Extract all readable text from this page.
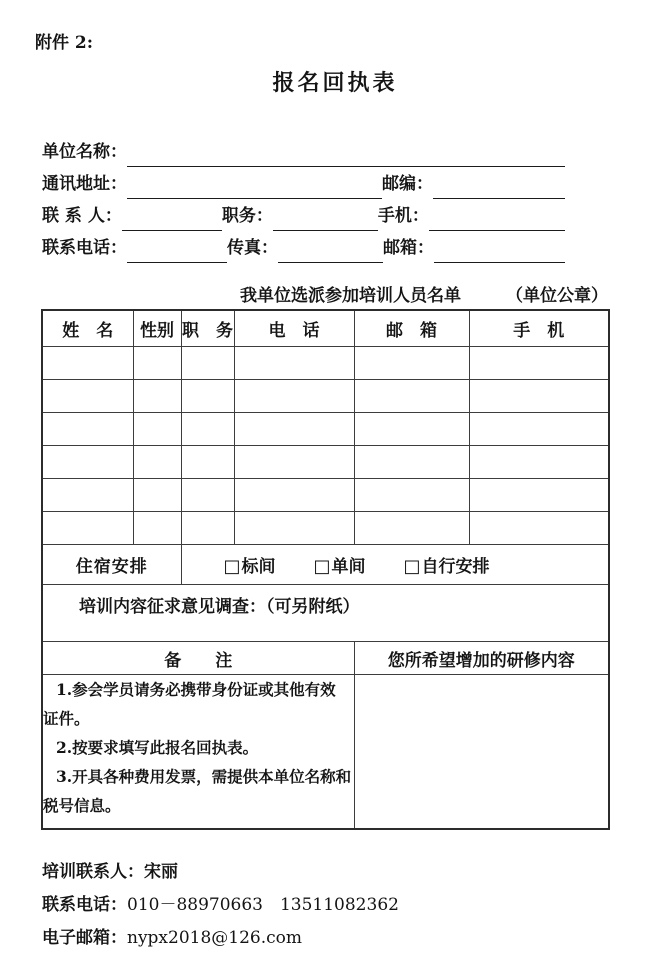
附件 2:
报名回执表
单位名称：
通讯地址：	邮编：
联 系 人：	职务：	手机：
联系电话：	传真：	邮箱：
我单位选派参加培训人员名单	（单位公章）
姓　名	性别	职　务	电　话	邮　箱	手　机

住宿安排		□标间 □单间 □自行安排			

培训内容征求意见调查：（可另附纸）					

备　　注				您所希望增加的研修内容	

1.参会学员请务必携带身份证或其他有效
证件。
2.按要求填写此报名回执表。
3.开具各种费用发票，需提供本单位名称和
税号信息。					

培训联系人：宋丽
联系电话：010－88970663　13511082362
电子邮箱：nypx2018@126.com
